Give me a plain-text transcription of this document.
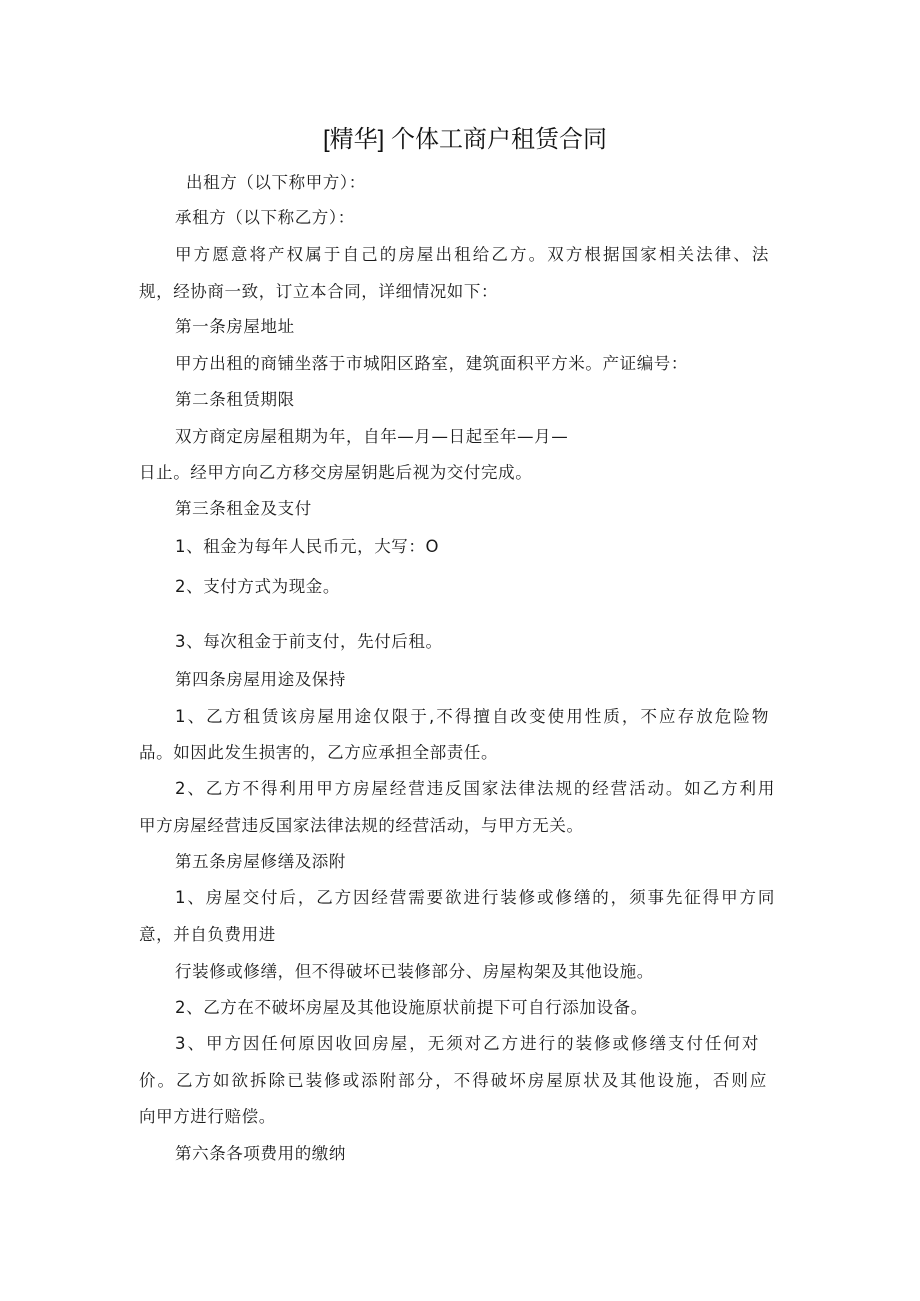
[精华] 个体工商户租赁合同
出租方（以下称甲方）：
承租方（以下称乙方）：
甲方愿意将产权属于自己的房屋出租给乙方。双方根据国家相关法律、法
规，经协商一致，订立本合同，详细情况如下：
第一条房屋地址
甲方出租的商铺坐落于市城阳区路室，建筑面积平方米。产证编号：
第二条租赁期限
双方商定房屋租期为年，自年—月—日起至年—月—
日止。经甲方向乙方移交房屋钥匙后视为交付完成。
第三条租金及支付
1、租金为每年人民币元，大写：O
2、支付方式为现金。
3、每次租金于前支付，先付后租。
第四条房屋用途及保持
1、乙方租赁该房屋用途仅限于,不得擅自改变使用性质，不应存放危险物
品。如因此发生损害的，乙方应承担全部责任。
2、乙方不得利用甲方房屋经营违反国家法律法规的经营活动。如乙方利用
甲方房屋经营违反国家法律法规的经营活动，与甲方无关。
第五条房屋修缮及添附
1、房屋交付后，乙方因经营需要欲进行装修或修缮的，须事先征得甲方同
意，并自负费用进
行装修或修缮，但不得破坏已装修部分、房屋构架及其他设施。
2、乙方在不破坏房屋及其他设施原状前提下可自行添加设备。
3、甲方因任何原因收回房屋，无须对乙方进行的装修或修缮支付任何对
价。乙方如欲拆除已装修或添附部分，不得破坏房屋原状及其他设施，否则应
向甲方进行赔偿。
第六条各项费用的缴纳
